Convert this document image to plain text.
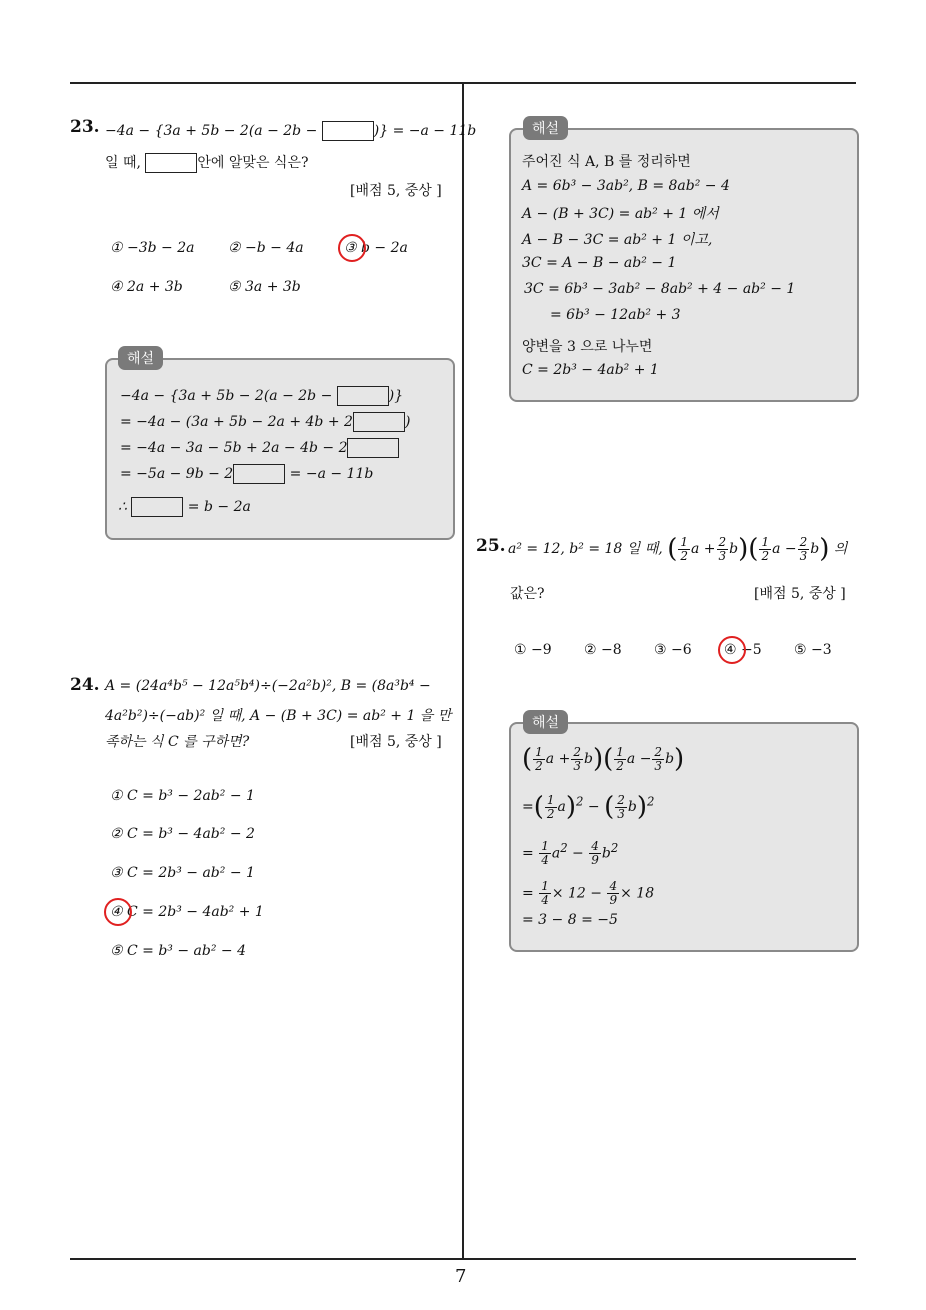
7
23. −4a − {3a + 5b − 2(a − 2b −	)} = −a − 11b
일 때,	안에 알맞은 식은?
[배점 5, 중상 ]
① −3b − 2a ② −b − 4a	③ b − 2a
④ 2a + 3b	⑤ 3a + 3b
해설
−4a − {3a + 5b − 2(a − 2b −	)}
= −4a − (3a + 5b − 2a + 4b + 2	)
= −4a − 3a − 5b + 2a − 4b − 2
= −5a − 9b − 2	= −a − 11b
∴	= b − 2a
24. A = (24a⁴b⁵ − 12a⁵b⁴)÷(−2a²b)², B = (8a³b⁴ −
4a²b²)÷(−ab)² 일 때, A − (B + 3C) = ab² + 1 을 만
족하는 식 C 를 구하면?	[배점 5, 중상 ]
① C = b³ − 2ab² − 1
② C = b³ − 4ab² − 2
③ C = 2b³ − ab² − 1
④ C = 2b³ − 4ab² + 1
⑤ C = b³ − ab² − 4
해설
주어진 식 A, B 를 정리하면
A = 6b³ − 3ab², B = 8ab² − 4
A − (B + 3C) = ab² + 1 에서
A − B − 3C = ab² + 1 이고,
3C = A − B − ab² − 1
3C = 6b³ − 3ab² − 8ab² + 4 − ab² − 1
= 6b³ − 12ab² + 3
양변을 3 으로 나누면
C = 2b³ − 4ab² + 1
25. a² = 12, b² = 18 일 때, ( $\frac{1}{2}$ $a + \frac{2}{3} b)( \frac{1}{2}$ $a - \frac{2}{3} b$) 의
값은?	[배점 5, 중상 ]
① −9 ② −8 ③ −6 ④ −5 ⑤ −3
해설
( $\frac{1}{2}$ $a + \frac{2}{3} b)( \frac{1}{2}$ $a - \frac{2}{3} b$)
=( $\frac{1}{2} a)^2$ − ( $\frac{2}{3} b)^2$
= $\frac{1}{4} a^2 - \frac{4}{9} b^2$
= $\frac{1}{4} \times 12 - \frac{4}{9} \times 18$
= 3 − 8 = −5
